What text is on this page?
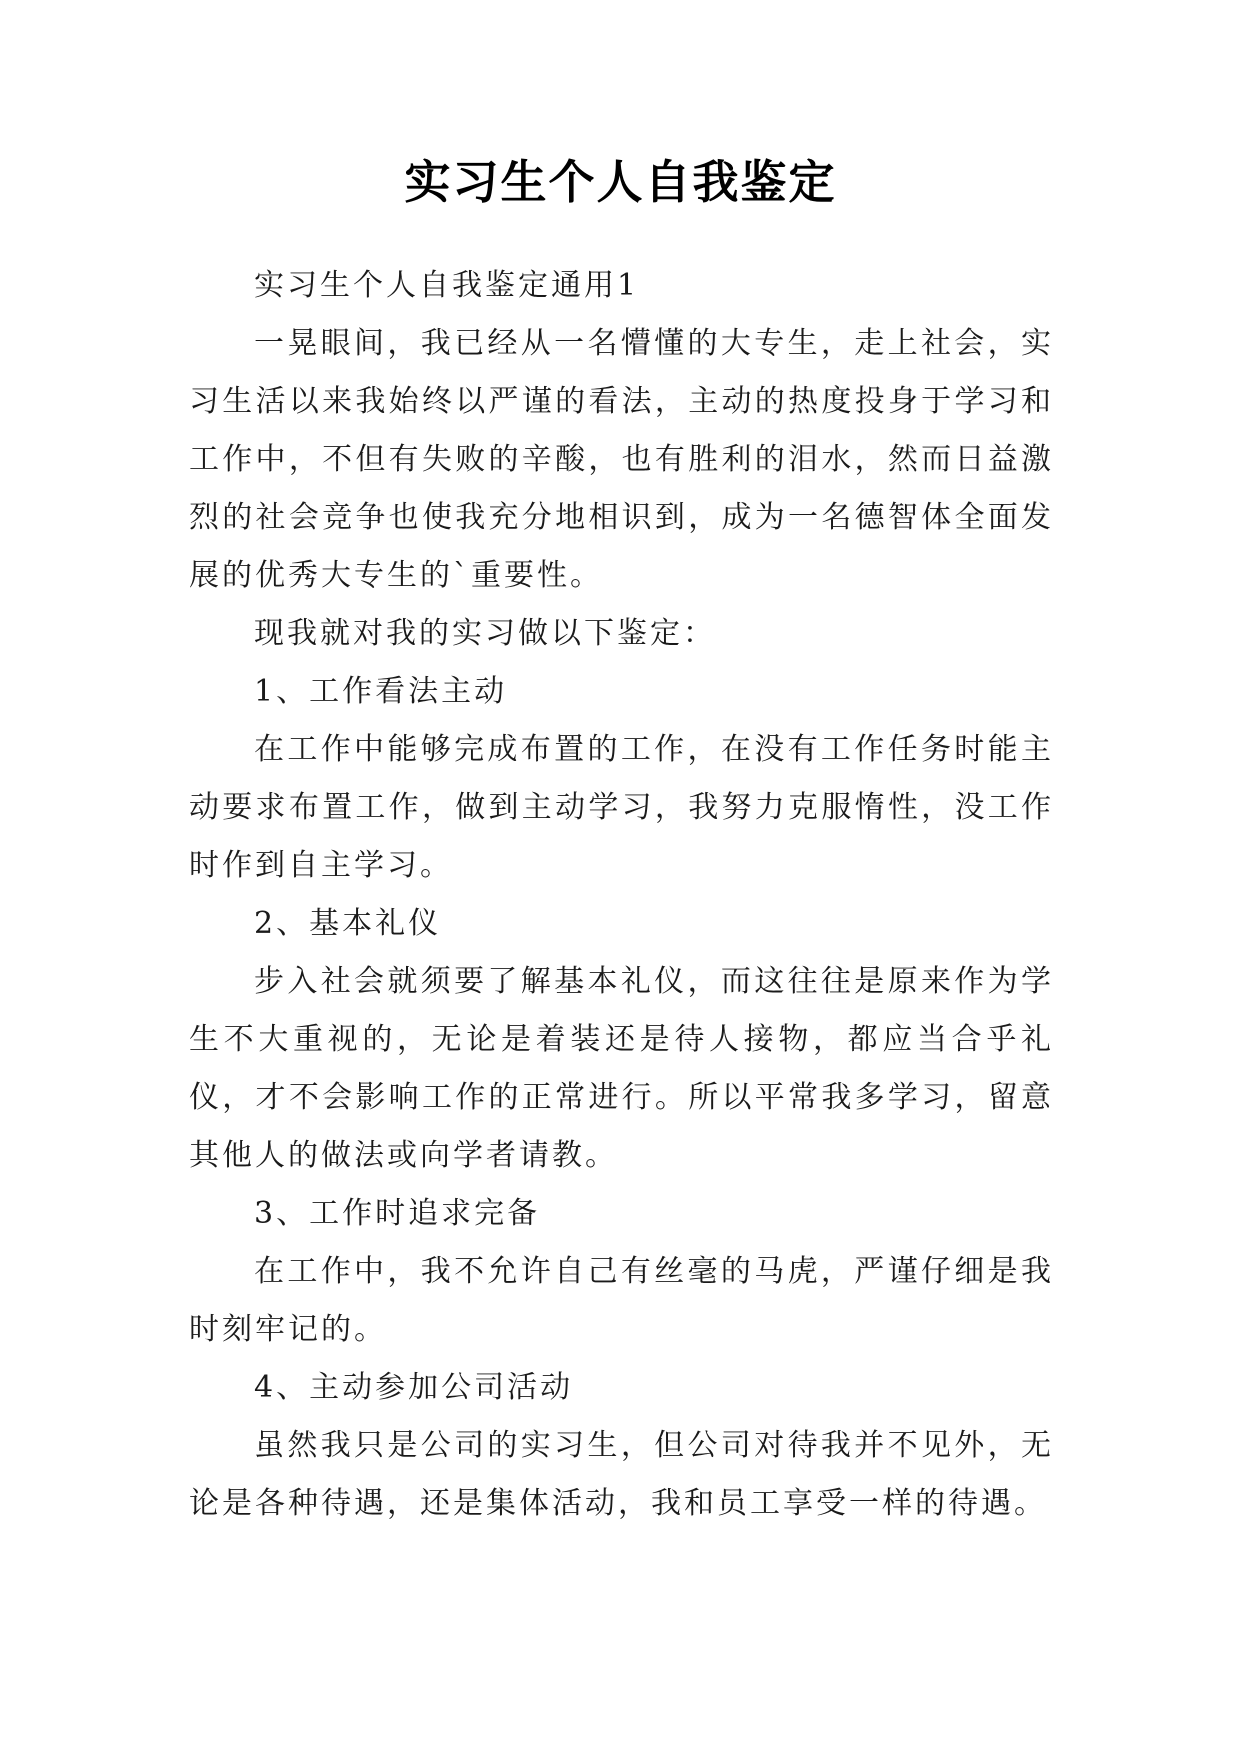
实习生个人自我鉴定

实习生个人自我鉴定通用1

一晃眼间，我已经从一名懵懂的大专生，走上社会，实习生活以来我始终以严谨的看法，主动的热度投身于学习和工作中，不但有失败的辛酸，也有胜利的泪水，然而日益激烈的社会竞争也使我充分地相识到，成为一名德智体全面发展的优秀大专生的`重要性。

现我就对我的实习做以下鉴定：

1、工作看法主动

在工作中能够完成布置的工作，在没有工作任务时能主动要求布置工作，做到主动学习，我努力克服惰性，没工作时作到自主学习。

2、基本礼仪

步入社会就须要了解基本礼仪，而这往往是原来作为学生不大重视的，无论是着装还是待人接物，都应当合乎礼仪，才不会影响工作的正常进行。所以平常我多学习，留意其他人的做法或向学者请教。

3、工作时追求完备

在工作中，我不允许自己有丝毫的马虎，严谨仔细是我时刻牢记的。

4、主动参加公司活动

虽然我只是公司的实习生，但公司对待我并不见外，无论是各种待遇，还是集体活动，我和员工享受一样的待遇。
